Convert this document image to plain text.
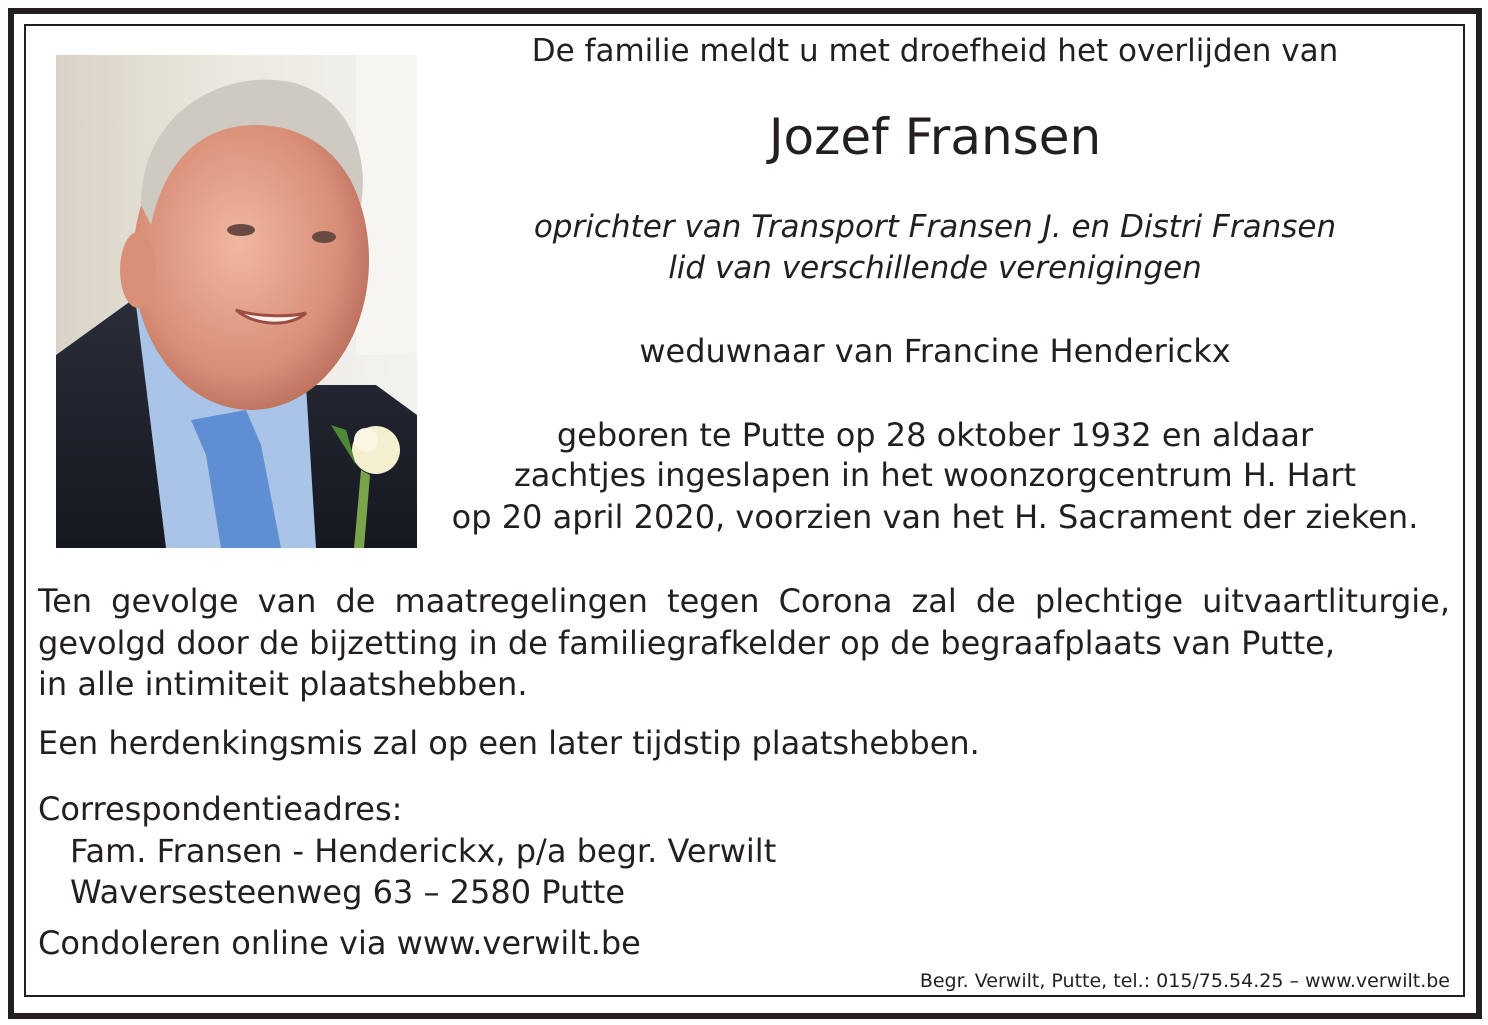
De familie meldt u met droefheid het overlijden van

Jozef Fransen

oprichter van Transport Fransen J. en Distri Fransen

lid van verschillende verenigingen

weduwnaar van Francine Henderickx

geboren te Putte op 28 oktober 1932 en aldaar

zachtjes ingeslapen in het woonzorgcentrum H. Hart

op 20 april 2020, voorzien van het H. Sacrament der zieken.

Ten gevolge van de maatregelingen tegen Corona zal de plechtige uitvaartliturgie,

gevolgd door de bijzetting in de familiegrafkelder op de begraafplaats van Putte,

in alle intimiteit plaatshebben.

Een herdenkingsmis zal op een later tijdstip plaatshebben.

Correspondentieadres:

Fam. Fransen - Henderickx, p/a begr. Verwilt

Waversesteenweg 63 – 2580 Putte

Condoleren online via www.verwilt.be

Begr. Verwilt, Putte, tel.: 015/75.54.25 – www.verwilt.be
